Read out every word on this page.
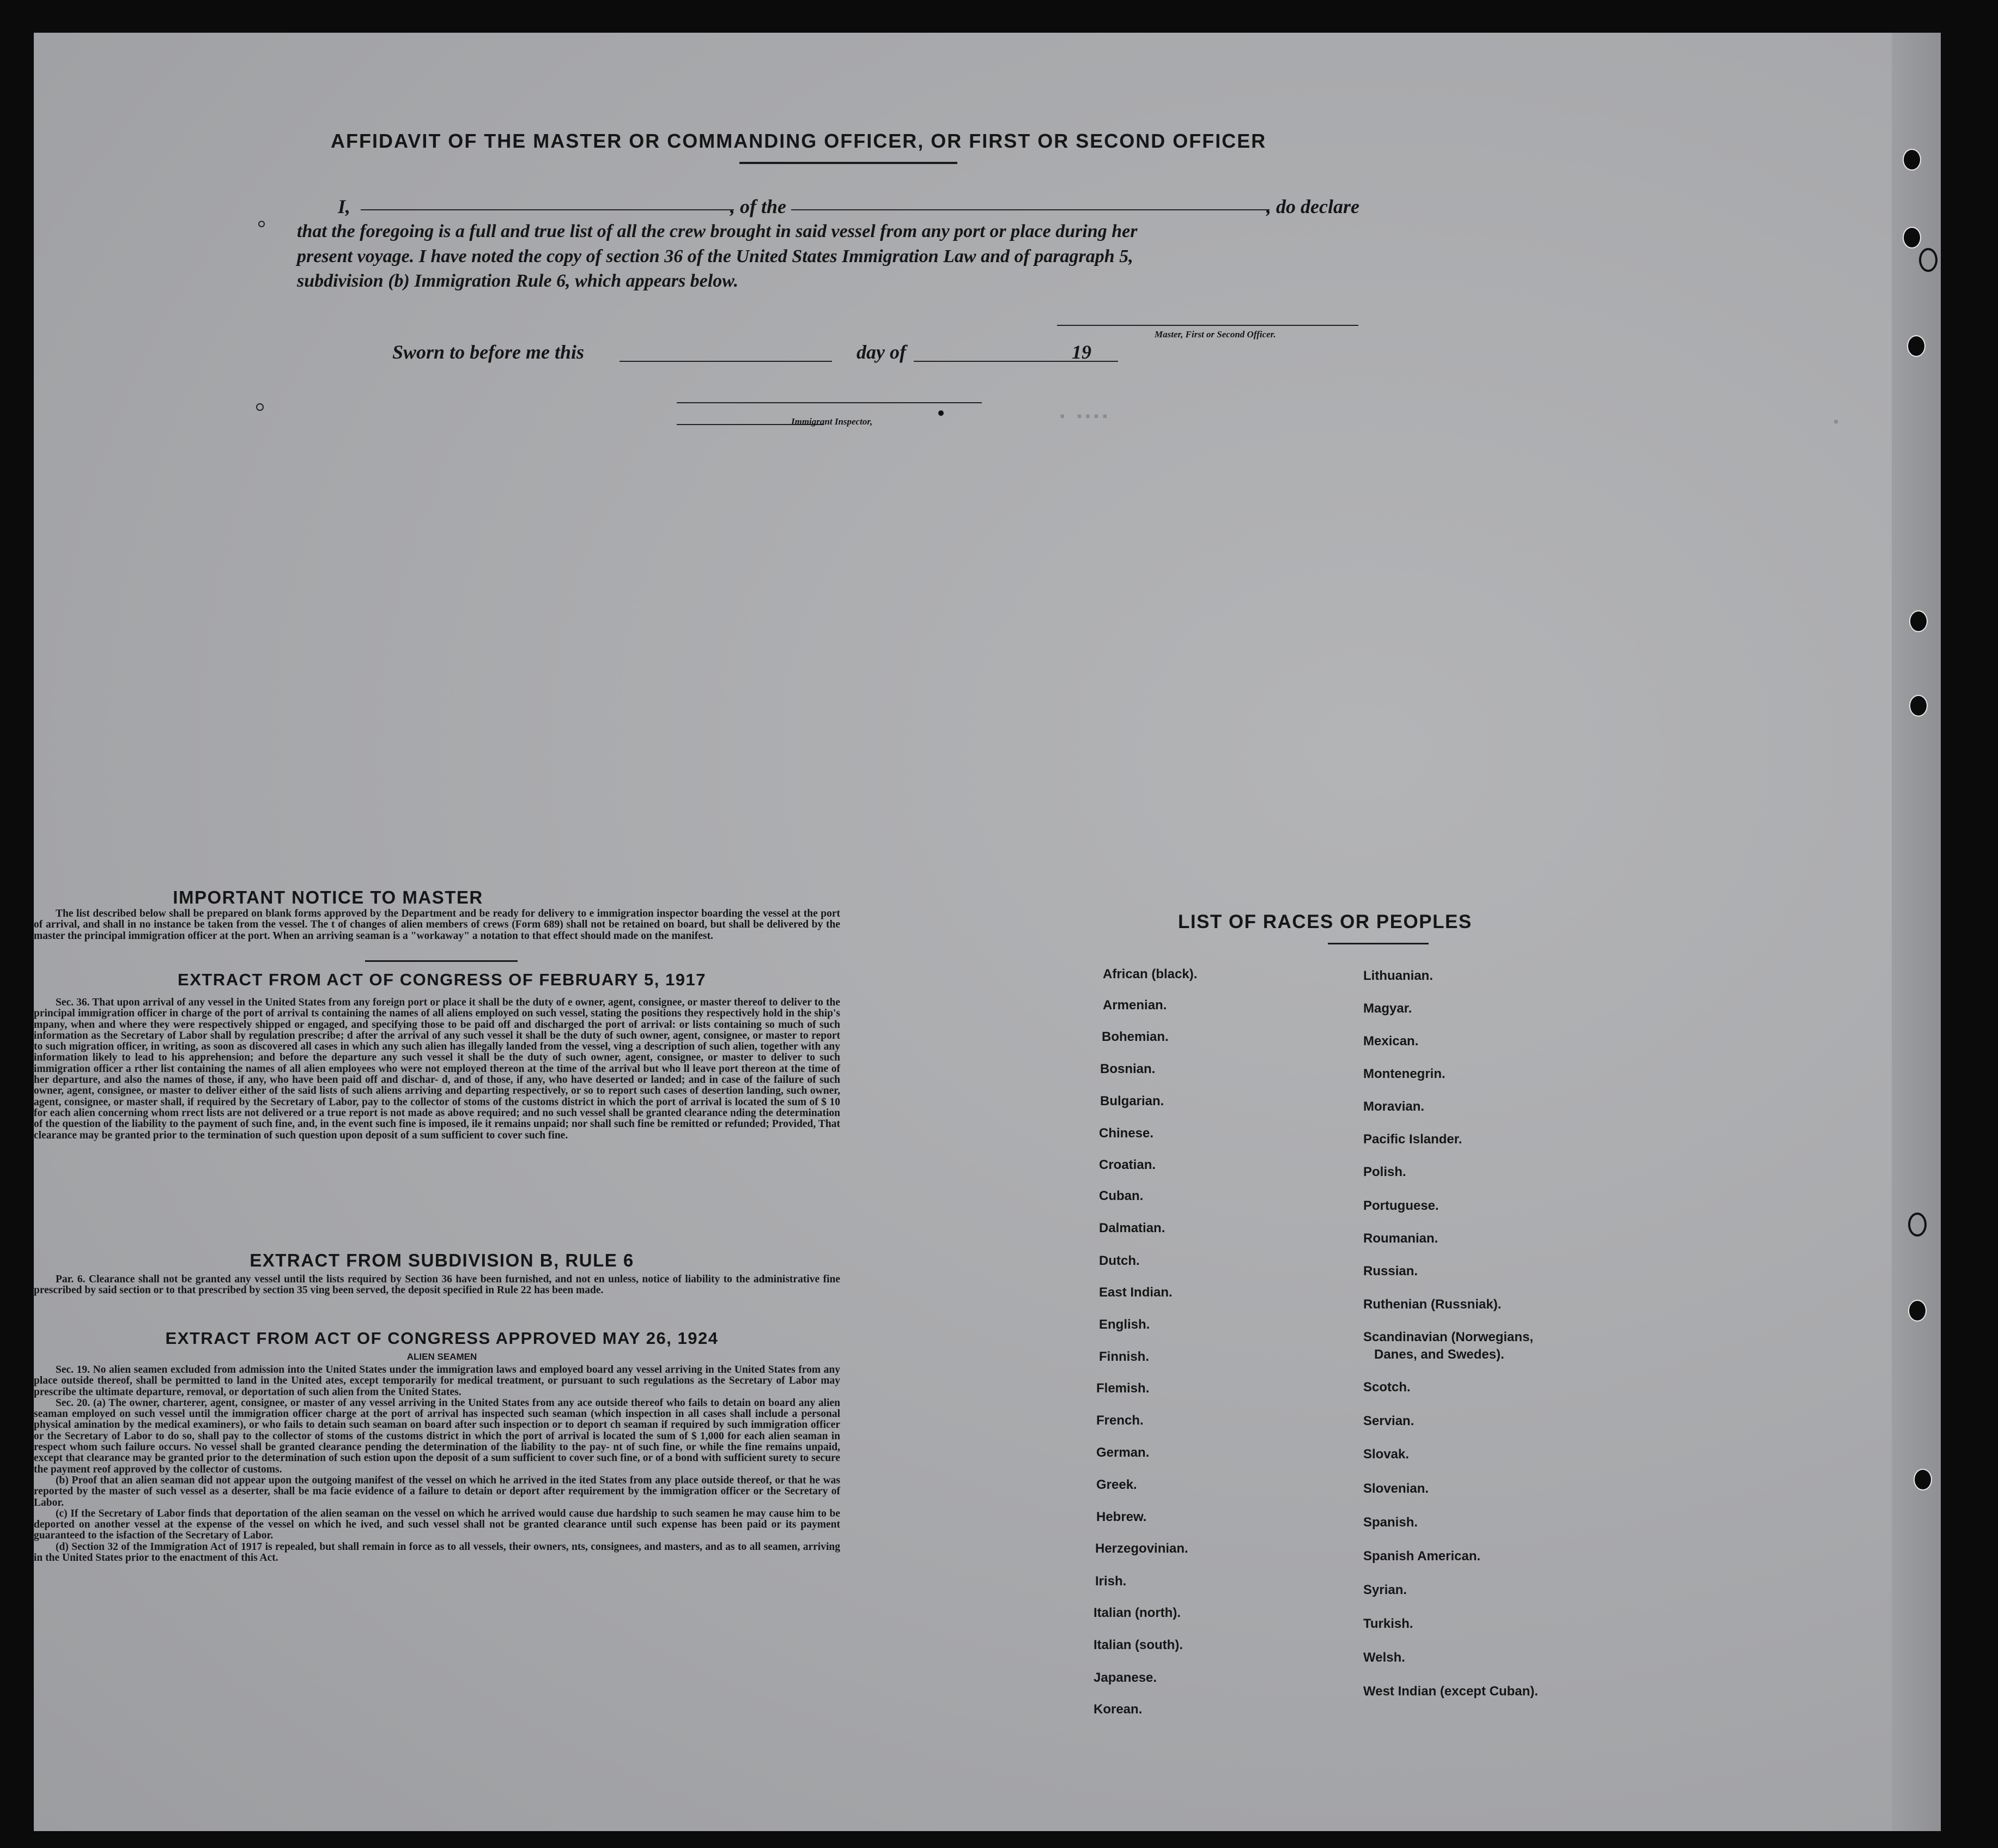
▪ ▪▪▪▪	▪
AFFIDAVIT OF THE MASTER OR COMMANDING OFFICER, OR FIRST OR SECOND OFFICER
I,	, of the	, do declare
that the foregoing is a full and true list of all the crew brought in said vessel from any port or place during her
present voyage. I have noted the copy of section 36 of the United States Immigration Law and of paragraph 5,
subdivision (b) Immigration Rule 6, which appears below.
Master, First or Second Officer.
Sworn to before me this	day of	19
Immigrant Inspector,
IMPORTANT NOTICE TO MASTER

The list described below shall be prepared on blank forms approved by the Department and be ready for delivery to e immigration inspector boarding the vessel at the port of arrival, and shall in no instance be taken from the vessel. The t of changes of alien members of crews (Form 689) shall not be retained on board, but shall be delivered by the master the principal immigration officer at the port. When an arriving seaman is a "workaway" a notation to that effect should made on the manifest.

EXTRACT FROM ACT OF CONGRESS OF FEBRUARY 5, 1917

Sec. 36. That upon arrival of any vessel in the United States from any foreign port or place it shall be the duty of e owner, agent, consignee, or master thereof to deliver to the principal immigration officer in charge of the port of arrival ts containing the names of all aliens employed on such vessel, stating the positions they respectively hold in the ship's mpany, when and where they were respectively shipped or engaged, and specifying those to be paid off and discharged the port of arrival: or lists containing so much of such information as the Secretary of Labor shall by regulation prescribe; d after the arrival of any such vessel it shall be the duty of such owner, agent, consignee, or master to report to such migration officer, in writing, as soon as discovered all cases in which any such alien has illegally landed from the vessel, ving a description of such alien, together with any information likely to lead to his apprehension; and before the departure any such vessel it shall be the duty of such owner, agent, consignee, or master to deliver to such immigration officer a rther list containing the names of all alien employees who were not employed thereon at the time of the arrival but who ll leave port thereon at the time of her departure, and also the names of those, if any, who have been paid off and dischar- d, and of those, if any, who have deserted or landed; and in case of the failure of such owner, agent, consignee, or master to deliver either of the said lists of such aliens arriving and departing respectively, or so to report such cases of desertion landing, such owner, agent, consignee, or master shall, if required by the Secretary of Labor, pay to the collector of stoms of the customs district in which the port of arrival is located the sum of $ 10 for each alien concerning whom rrect lists are not delivered or a true report is not made as above required; and no such vessel shall be granted clearance nding the determination of the question of the liability to the payment of such fine, and, in the event such fine is imposed, ile it remains unpaid; nor shall such fine be remitted or refunded; Provided, That clearance may be granted prior to the termination of such question upon deposit of a sum sufficient to cover such fine.

EXTRACT FROM SUBDIVISION B, RULE 6

Par. 6. Clearance shall not be granted any vessel until the lists required by Section 36 have been furnished, and not en unless, notice of liability to the administrative fine prescribed by said section or to that prescribed by section 35 ving been served, the deposit specified in Rule 22 has been made.

EXTRACT FROM ACT OF CONGRESS APPROVED MAY 26, 1924
ALIEN SEAMEN

Sec. 19. No alien seamen excluded from admission into the United States under the immigration laws and employed board any vessel arriving in the United States from any place outside thereof, shall be permitted to land in the United ates, except temporarily for medical treatment, or pursuant to such regulations as the Secretary of Labor may prescribe the ultimate departure, removal, or deportation of such alien from the United States.

Sec. 20. (a) The owner, charterer, agent, consignee, or master of any vessel arriving in the United States from any ace outside thereof who fails to detain on board any alien seaman employed on such vessel until the immigration officer charge at the port of arrival has inspected such seaman (which inspection in all cases shall include a personal physical amination by the medical examiners), or who fails to detain such seaman on board after such inspection or to deport ch seaman if required by such immigration officer or the Secretary of Labor to do so, shall pay to the collector of stoms of the customs district in which the port of arrival is located the sum of $ 1,000 for each alien seaman in respect whom such failure occurs. No vessel shall be granted clearance pending the determination of the liability to the pay- nt of such fine, or while the fine remains unpaid, except that clearance may be granted prior to the determination of such estion upon the deposit of a sum sufficient to cover such fine, or of a bond with sufficient surety to secure the payment reof approved by the collector of customs.

(b) Proof that an alien seaman did not appear upon the outgoing manifest of the vessel on which he arrived in the ited States from any place outside thereof, or that he was reported by the master of such vessel as a deserter, shall be ma facie evidence of a failure to detain or deport after requirement by the immigration officer or the Secretary of Labor.

(c) If the Secretary of Labor finds that deportation of the alien seaman on the vessel on which he arrived would cause due hardship to such seamen he may cause him to be deported on another vessel at the expense of the vessel on which he ived, and such vessel shall not be granted clearance until such expense has been paid or its payment guaranteed to the isfaction of the Secretary of Labor.

(d) Section 32 of the Immigration Act of 1917 is repealed, but shall remain in force as to all vessels, their owners, nts, consignees, and masters, and as to all seamen, arriving in the United States prior to the enactment of this Act.

LIST OF RACES OR PEOPLES
African (black).
Armenian.
Bohemian.
Bosnian.
Bulgarian.
Chinese.
Croatian.
Cuban.
Dalmatian.
Dutch.
East Indian.
English.
Finnish.
Flemish.
French.
German.
Greek.
Hebrew.
Herzegovinian.
Irish.
Italian (north).
Italian (south).
Japanese.
Korean.
Lithuanian.
Magyar.
Mexican.
Montenegrin.
Moravian.
Pacific Islander.
Polish.
Portuguese.
Roumanian.
Russian.
Ruthenian (Russniak).
Scandinavian (Norwegians,
Danes, and Swedes).
Scotch.
Servian.
Slovak.
Slovenian.
Spanish.
Spanish American.
Syrian.
Turkish.
Welsh.
West Indian (except Cuban).
